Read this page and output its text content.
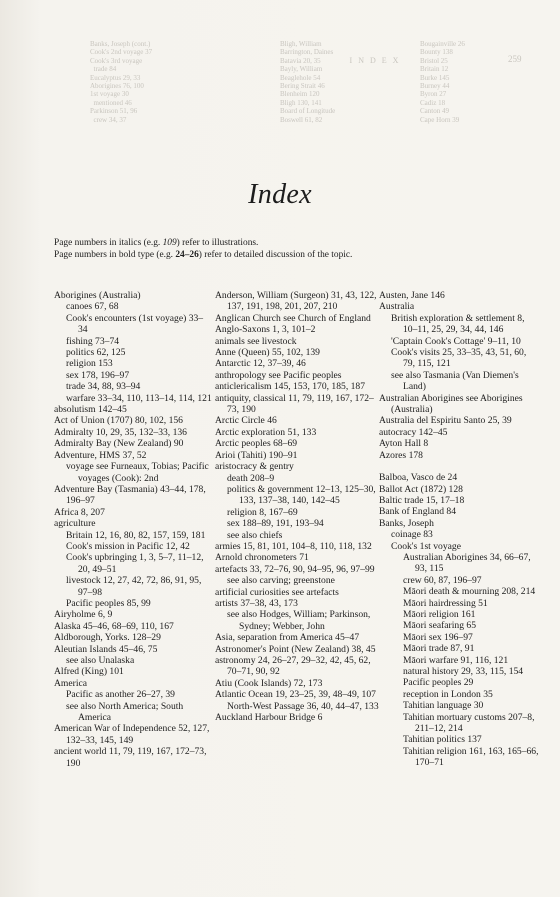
Banks, Joseph (cont.)
Cook's 2nd voyage 37
Cook's 3rd voyage
trade 84
Eucalyptus 29, 33
Aborigines 76, 100
1st voyage 30
mentioned 46
Parkinson 51, 96
crew 34, 37
Bligh, William
Barrington, Daines
Batavia 20, 35
Bayly, William
Beaglehole 54
Bering Strait 46
Blenheim 120
Bligh 130, 141
Board of Longitude
Boswell 61, 82
Bougainville 26
Bounty 138
Bristol 25
Britain 12
Burke 145
Burney 44
Byron 27
Cadiz 18
Canton 49
Cape Horn 39
I N D E X	259
Index

Page numbers in italics (e.g. 109) refer to illustrations.

Page numbers in bold type (e.g. 24–26) refer to detailed discussion of the topic.

Aborigines (Australia)
canoes 67, 68
Cook's encounters (1st voyage) 33–34
fishing 73–74
politics 62, 125
religion 153
sex 178, 196–97
trade 34, 88, 93–94
warfare 33–34, 110, 113–14, 114, 121
absolutism 142–45
Act of Union (1707) 80, 102, 156
Admiralty 10, 29, 35, 132–33, 136
Admiralty Bay (New Zealand) 90
Adventure, HMS 37, 52
voyage see Furneaux, Tobias; Pacific voyages (Cook): 2nd
Adventure Bay (Tasmania) 43–44, 178, 196–97
Africa 8, 207
agriculture
Britain 12, 16, 80, 82, 157, 159, 181
Cook's mission in Pacific 12, 42
Cook's upbringing 1, 3, 5–7, 11–12, 20, 49–51
livestock 12, 27, 42, 72, 86, 91, 95, 97–98
Pacific peoples 85, 99
Airyholme 6, 9
Alaska 45–46, 68–69, 110, 167
Aldborough, Yorks. 128–29
Aleutian Islands 45–46, 75
see also Unalaska
Alfred (King) 101
America
Pacific as another 26–27, 39
see also North America; South America
American War of Independence 52, 127, 132–33, 145, 149
ancient world 11, 79, 119, 167, 172–73, 190
Anderson, William (Surgeon) 31, 43, 122, 137, 191, 198, 201, 207, 210
Anglican Church see Church of England
Anglo-Saxons 1, 3, 101–2
animals see livestock
Anne (Queen) 55, 102, 139
Antarctic 12, 37–39, 46
anthropology see Pacific peoples
anticlericalism 145, 153, 170, 185, 187
antiquity, classical 11, 79, 119, 167, 172–73, 190
Arctic Circle 46
Arctic exploration 51, 133
Arctic peoples 68–69
Arioi (Tahiti) 190–91
aristocracy & gentry
death 208–9
politics & government 12–13, 125–30, 133, 137–38, 140, 142–45
religion 8, 167–69
sex 188–89, 191, 193–94
see also chiefs
armies 15, 81, 101, 104–8, 110, 118, 132
Arnold chronometers 71
artefacts 33, 72–76, 90, 94–95, 96, 97–99
see also carving; greenstone
artificial curiosities see artefacts
artists 37–38, 43, 173
see also Hodges, William; Parkinson, Sydney; Webber, John
Asia, separation from America 45–47
Astronomer's Point (New Zealand) 38, 45
astronomy 24, 26–27, 29–32, 42, 45, 62, 70–71, 90, 92
Atiu (Cook Islands) 72, 173
Atlantic Ocean 19, 23–25, 39, 48–49, 107
North-West Passage 36, 40, 44–47, 133
Auckland Harbour Bridge 6
Austen, Jane 146
Australia
British exploration & settlement 8, 10–11, 25, 29, 34, 44, 146
'Captain Cook's Cottage' 9–11, 10
Cook's visits 25, 33–35, 43, 51, 60, 79, 115, 121
see also Tasmania (Van Diemen's Land)
Australian Aborigines see Aborigines (Australia)
Australia del Espiritu Santo 25, 39
autocracy 142–45
Ayton Hall 8
Azores 178
Balboa, Vasco de 24
Ballot Act (1872) 128
Baltic trade 15, 17–18
Bank of England 84
Banks, Joseph
coinage 83
Cook's 1st voyage
Australian Aborigines 34, 66–67, 93, 115
crew 60, 87, 196–97
Māori death & mourning 208, 214
Māori hairdressing 51
Māori religion 161
Māori seafaring 65
Māori sex 196–97
Māori trade 87, 91
Māori warfare 91, 116, 121
natural history 29, 33, 115, 154
Pacific peoples 29
reception in London 35
Tahitian language 30
Tahitian mortuary customs 207–8, 211–12, 214
Tahitian politics 137
Tahitian religion 161, 163, 165–66, 170–71
